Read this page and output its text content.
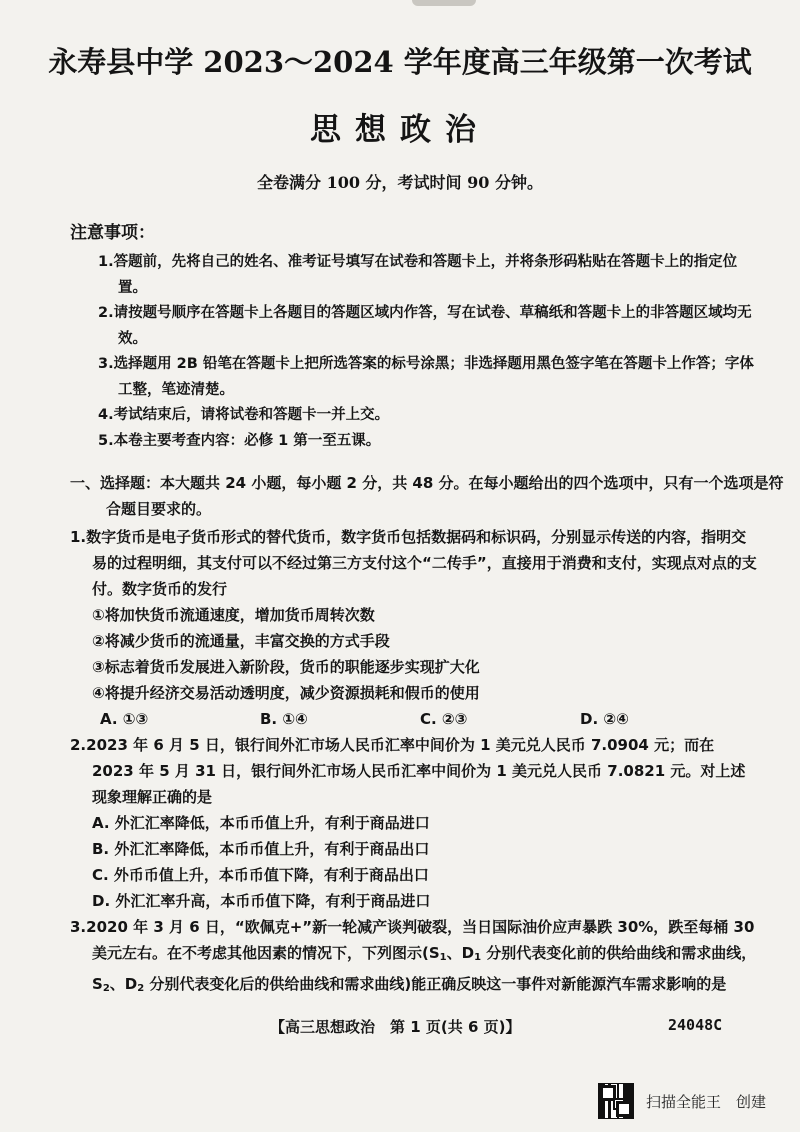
永寿县中学 2023～2024 学年度高三年级第一次考试
思想政治
全卷满分 100 分，考试时间 90 分钟。
注意事项：

1.答题前，先将自己的姓名、准考证号填写在试卷和答题卡上，并将条形码粘贴在答题卡上的指定位置。

2.请按题号顺序在答题卡上各题目的答题区域内作答，写在试卷、草稿纸和答题卡上的非答题区域均无效。

3.选择题用 2B 铅笔在答题卡上把所选答案的标号涂黑；非选择题用黑色签字笔在答题卡上作答；字体工整，笔迹清楚。

4.考试结束后，请将试卷和答题卡一并上交。

5.本卷主要考查内容：必修 1 第一至五课。

一、选择题：本大题共 24 小题，每小题 2 分，共 48 分。在每小题给出的四个选项中，只有一个选项是符合题目要求的。

1.数字货币是电子货币形式的替代货币，数字货币包括数据码和标识码，分别显示传送的内容，指明交易的过程明细，其支付可以不经过第三方支付这个“二传手”，直接用于消费和支付，实现点对点的支付。数字货币的发行

①将加快货币流通速度，增加货币周转次数

②将减少货币的流通量，丰富交换的方式手段

③标志着货币发展进入新阶段，货币的职能逐步实现扩大化

④将提升经济交易活动透明度，减少资源损耗和假币的使用

A. ①③	B. ①④	C. ②③	D. ②④

2.2023 年 6 月 5 日，银行间外汇市场人民币汇率中间价为 1 美元兑人民币 7.0904 元；而在 2023 年 5 月 31 日，银行间外汇市场人民币汇率中间价为 1 美元兑人民币 7.0821 元。对上述现象理解正确的是

A. 外汇汇率降低，本币币值上升，有利于商品进口

B. 外汇汇率降低，本币币值上升，有利于商品出口

C. 外币币值上升，本币币值下降，有利于商品出口

D. 外汇汇率升高，本币币值下降，有利于商品进口

3.2020 年 3 月 6 日，“欧佩克+”新一轮减产谈判破裂，当日国际油价应声暴跌 30%，跌至每桶 30 美元左右。在不考虑其他因素的情况下，下列图示($S_1$、$D_1$ 分别代表变化前的供给曲线和需求曲线，$S_2$、$D_2$ 分别代表变化后的供给曲线和需求曲线)能正确反映这一事件对新能源汽车需求影响的是

【高三思想政治　第 1 页(共 6 页)】	24048C
扫描全能王　创建
